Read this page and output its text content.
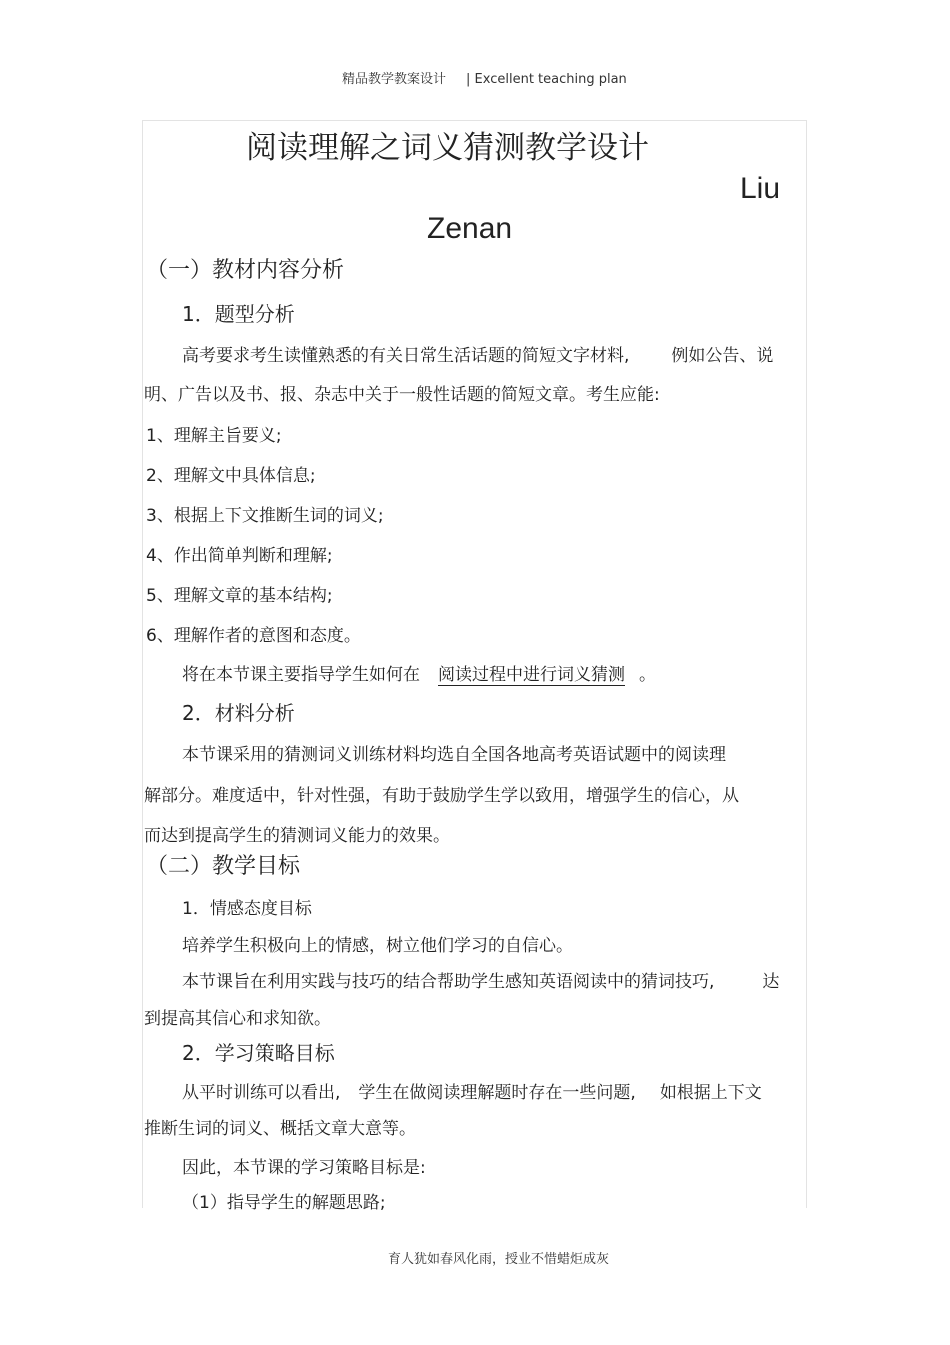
精品教学教案设计 | Excellent teaching plan
阅读理解之词义猜测教学设计
Liu
Zenan
（一）教材内容分析
1．题型分析
高考要求考生读懂熟悉的有关日常生活话题的简短文字材料, 例如公告、说
明、广告以及书、报、杂志中关于一般性话题的简短文章。考生应能:
1、理解主旨要义;
2、理解文中具体信息;
3、根据上下文推断生词的词义;
4、作出简单判断和理解;
5、理解文章的基本结构;
6、理解作者的意图和态度。
将在本节课主要指导学生如何在 阅读过程中进行词义猜测 。
2．材料分析
本节课采用的猜测词义训练材料均选自全国各地高考英语试题中的阅读理
解部分。难度适中，针对性强，有助于鼓励学生学以致用，增强学生的信心，从
而达到提高学生的猜测词义能力的效果。
（二）教学目标
1．情感态度目标
培养学生积极向上的情感，树立他们学习的自信心。
本节课旨在利用实践与技巧的结合帮助学生感知英语阅读中的猜词技巧,	达
到提高其信心和求知欲。
2．学习策略目标
从平时训练可以看出, 学生在做阅读理解题时存在一些问题, 如根据上下文
推断生词的词义、概括文章大意等。
因此，本节课的学习策略目标是:
（1）指导学生的解题思路;
育人犹如春风化雨，授业不惜蜡炬成灰
